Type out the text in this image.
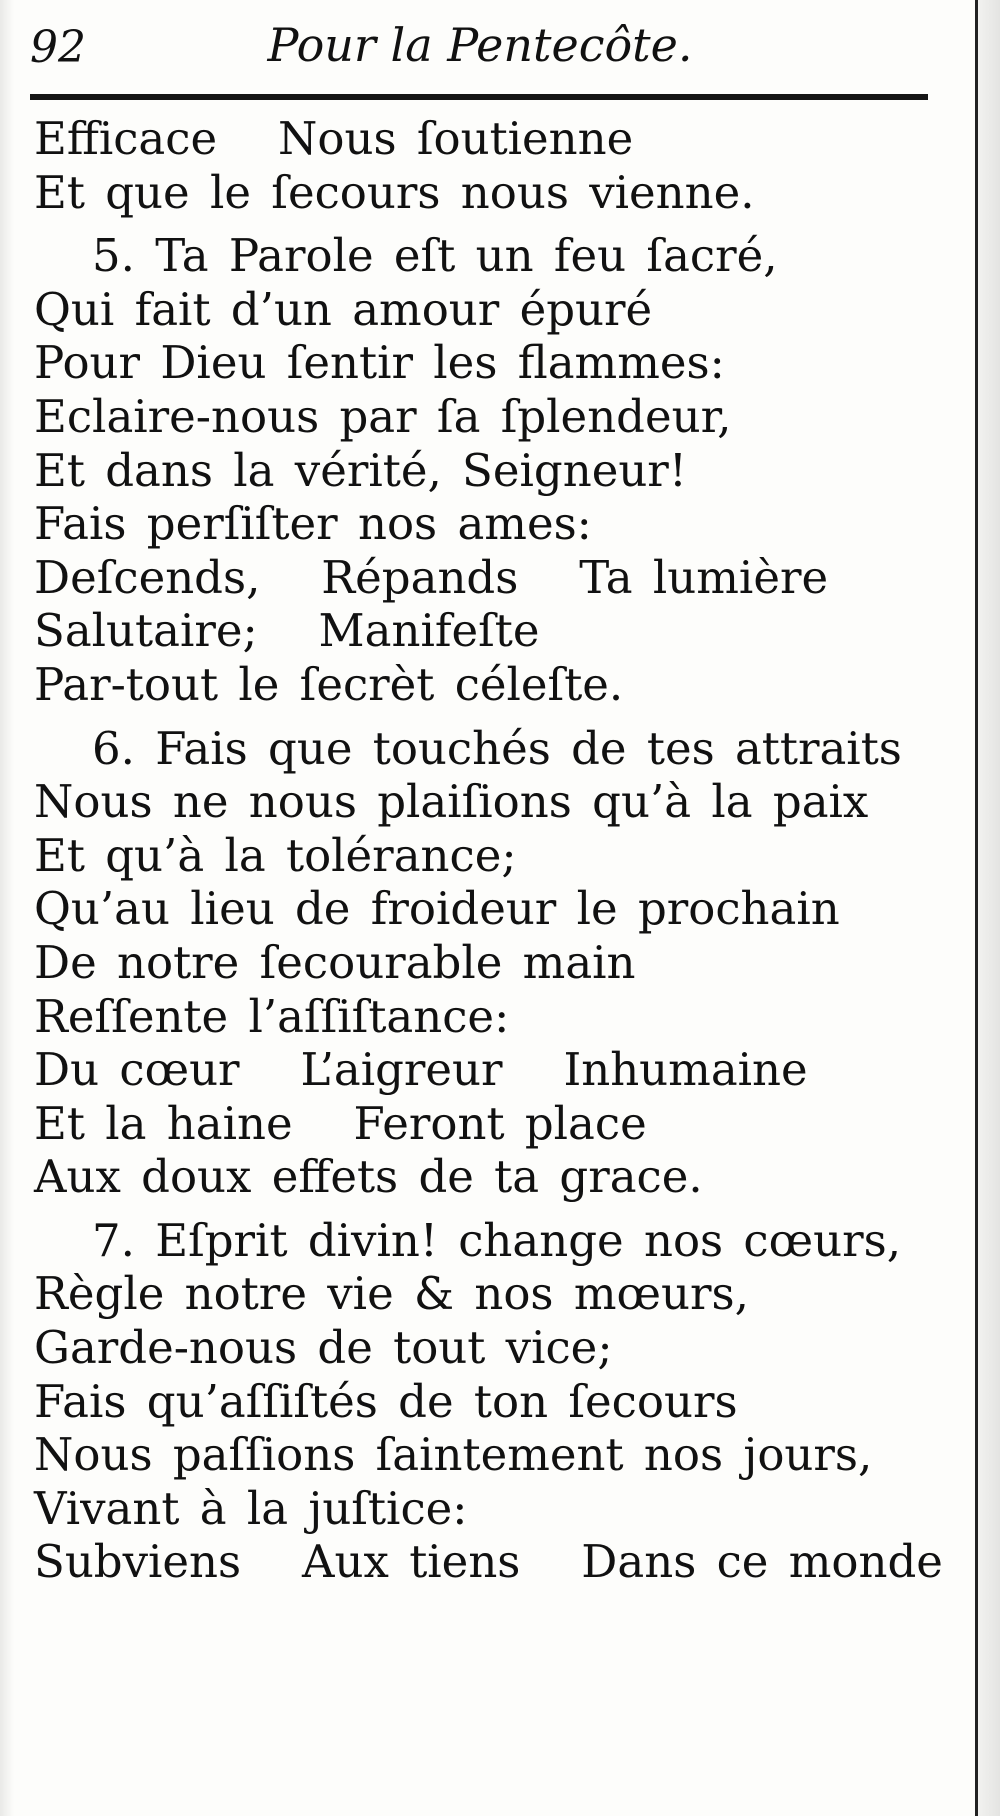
Pour la Pentecôte.
92
Efficace   Nous ſoutienne
Et que le ſecours nous vienne.
5. Ta Parole eſt un feu ſacré,
Qui fait d’un amour épuré
Pour Dieu ſentir les flammes:
Eclaire-nous par ſa ſplendeur,
Et dans la vérité, Seigneur!
Fais perſiſter nos ames:
Deſcends,   Répands   Ta lumière
Salutaire;   Manifeſte
Par-tout le ſecrèt céleſte.
6. Fais que touchés de tes attraits
Nous ne nous plaiſions qu’à la paix
Et qu’à la tolérance;
Qu’au lieu de froideur le prochain
De notre ſecourable main
Reſſente l’aſſiſtance:
Du cœur   L’aigreur   Inhumaine
Et la haine   Feront place
Aux doux effets de ta grace.
7. Eſprit divin! change nos cœurs,
Règle notre vie & nos mœurs,
Garde-nous de tout vice;
Fais qu’aſſiſtés de ton ſecours
Nous paſſions ſaintement nos jours,
Vivant à la juſtice:
Subviens   Aux tiens   Dans ce monde
